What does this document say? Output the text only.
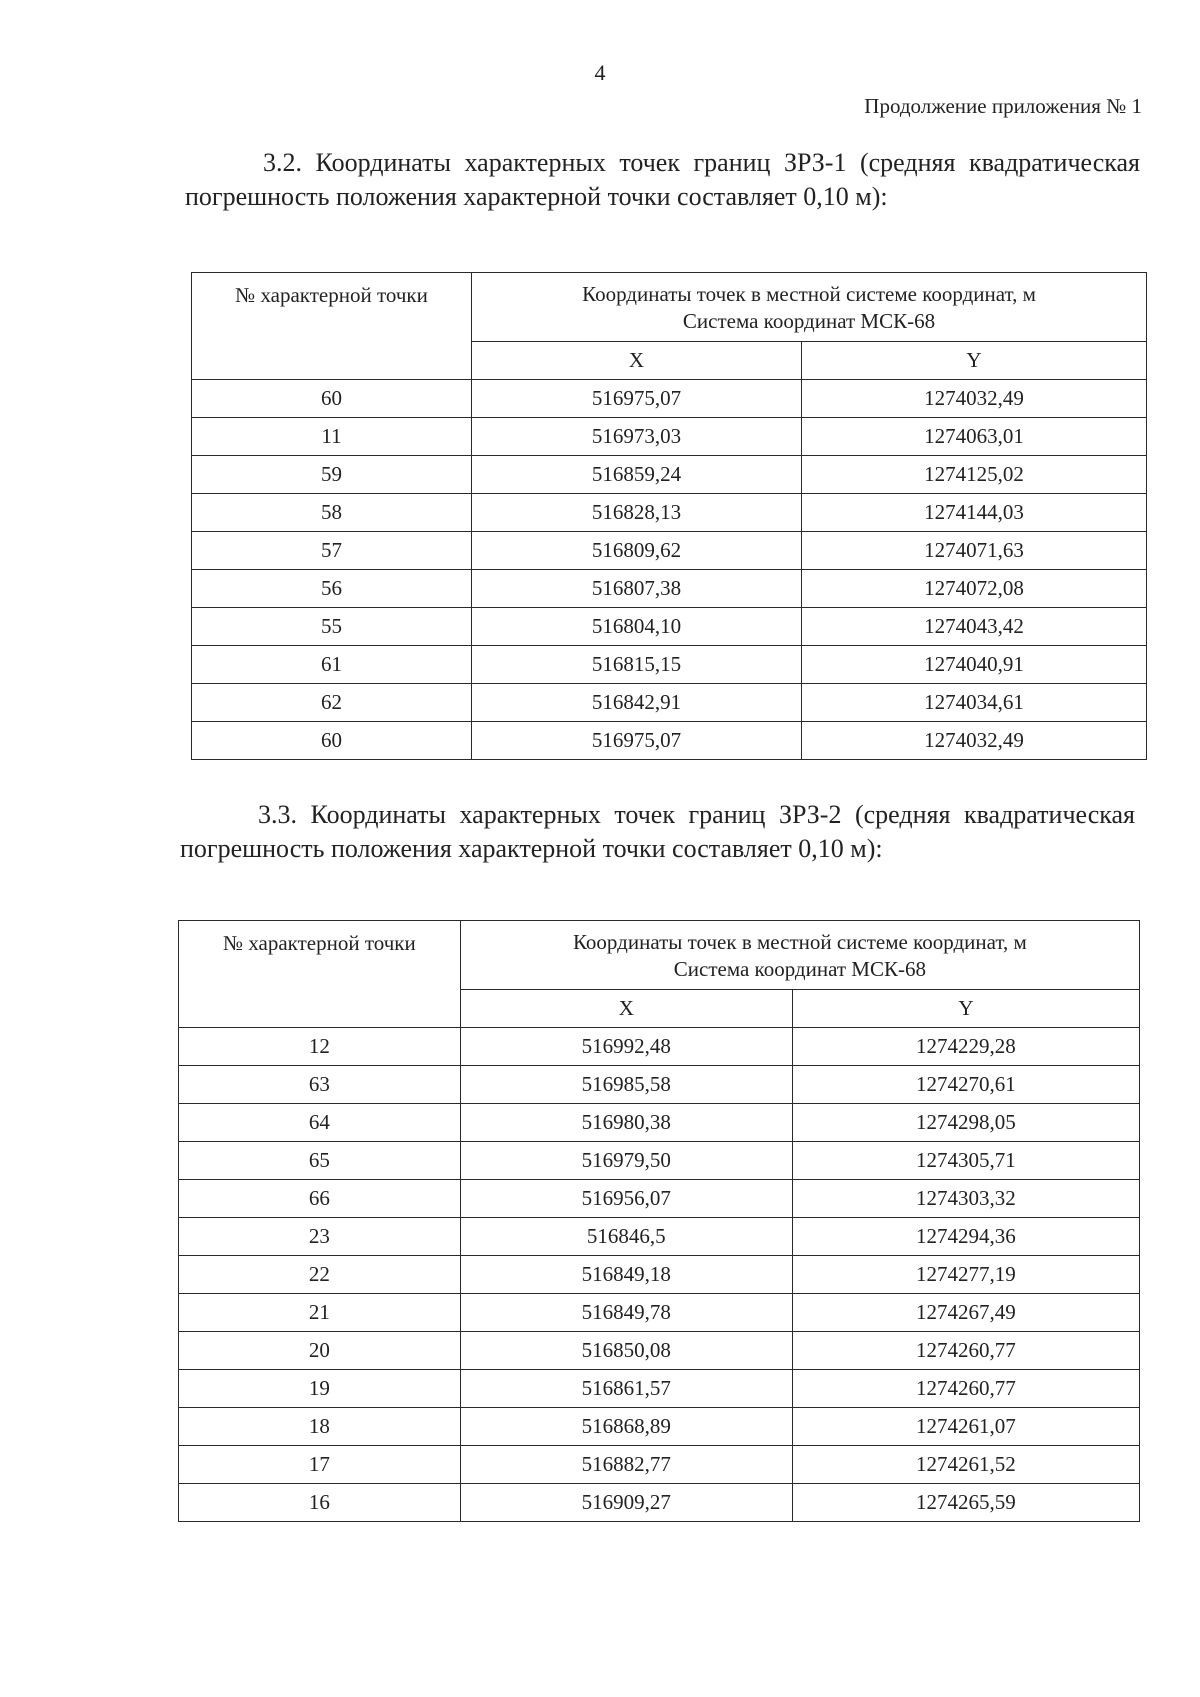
4
Продолжение приложения № 1
3.2. Координаты характерных точек границ ЗРЗ-1 (средняя квадратическая погрешность положения характерной точки составляет 0,10 м):
№ характерной точки	Координаты точек в местной системе координат, м
Система координат МСК-68	

	X	Y
60	516975,07	1274032,49
11	516973,03	1274063,01
59	516859,24	1274125,02
58	516828,13	1274144,03
57	516809,62	1274071,63
56	516807,38	1274072,08
55	516804,10	1274043,42
61	516815,15	1274040,91
62	516842,91	1274034,61
60	516975,07	1274032,49
3.3. Координаты характерных точек границ ЗРЗ-2 (средняя квадратическая погрешность положения характерной точки составляет 0,10 м):
№ характерной точки	Координаты точек в местной системе координат, м
Система координат МСК-68	

	X	Y
12	516992,48	1274229,28
63	516985,58	1274270,61
64	516980,38	1274298,05
65	516979,50	1274305,71
66	516956,07	1274303,32
23	516846,5	1274294,36
22	516849,18	1274277,19
21	516849,78	1274267,49
20	516850,08	1274260,77
19	516861,57	1274260,77
18	516868,89	1274261,07
17	516882,77	1274261,52
16	516909,27	1274265,59
